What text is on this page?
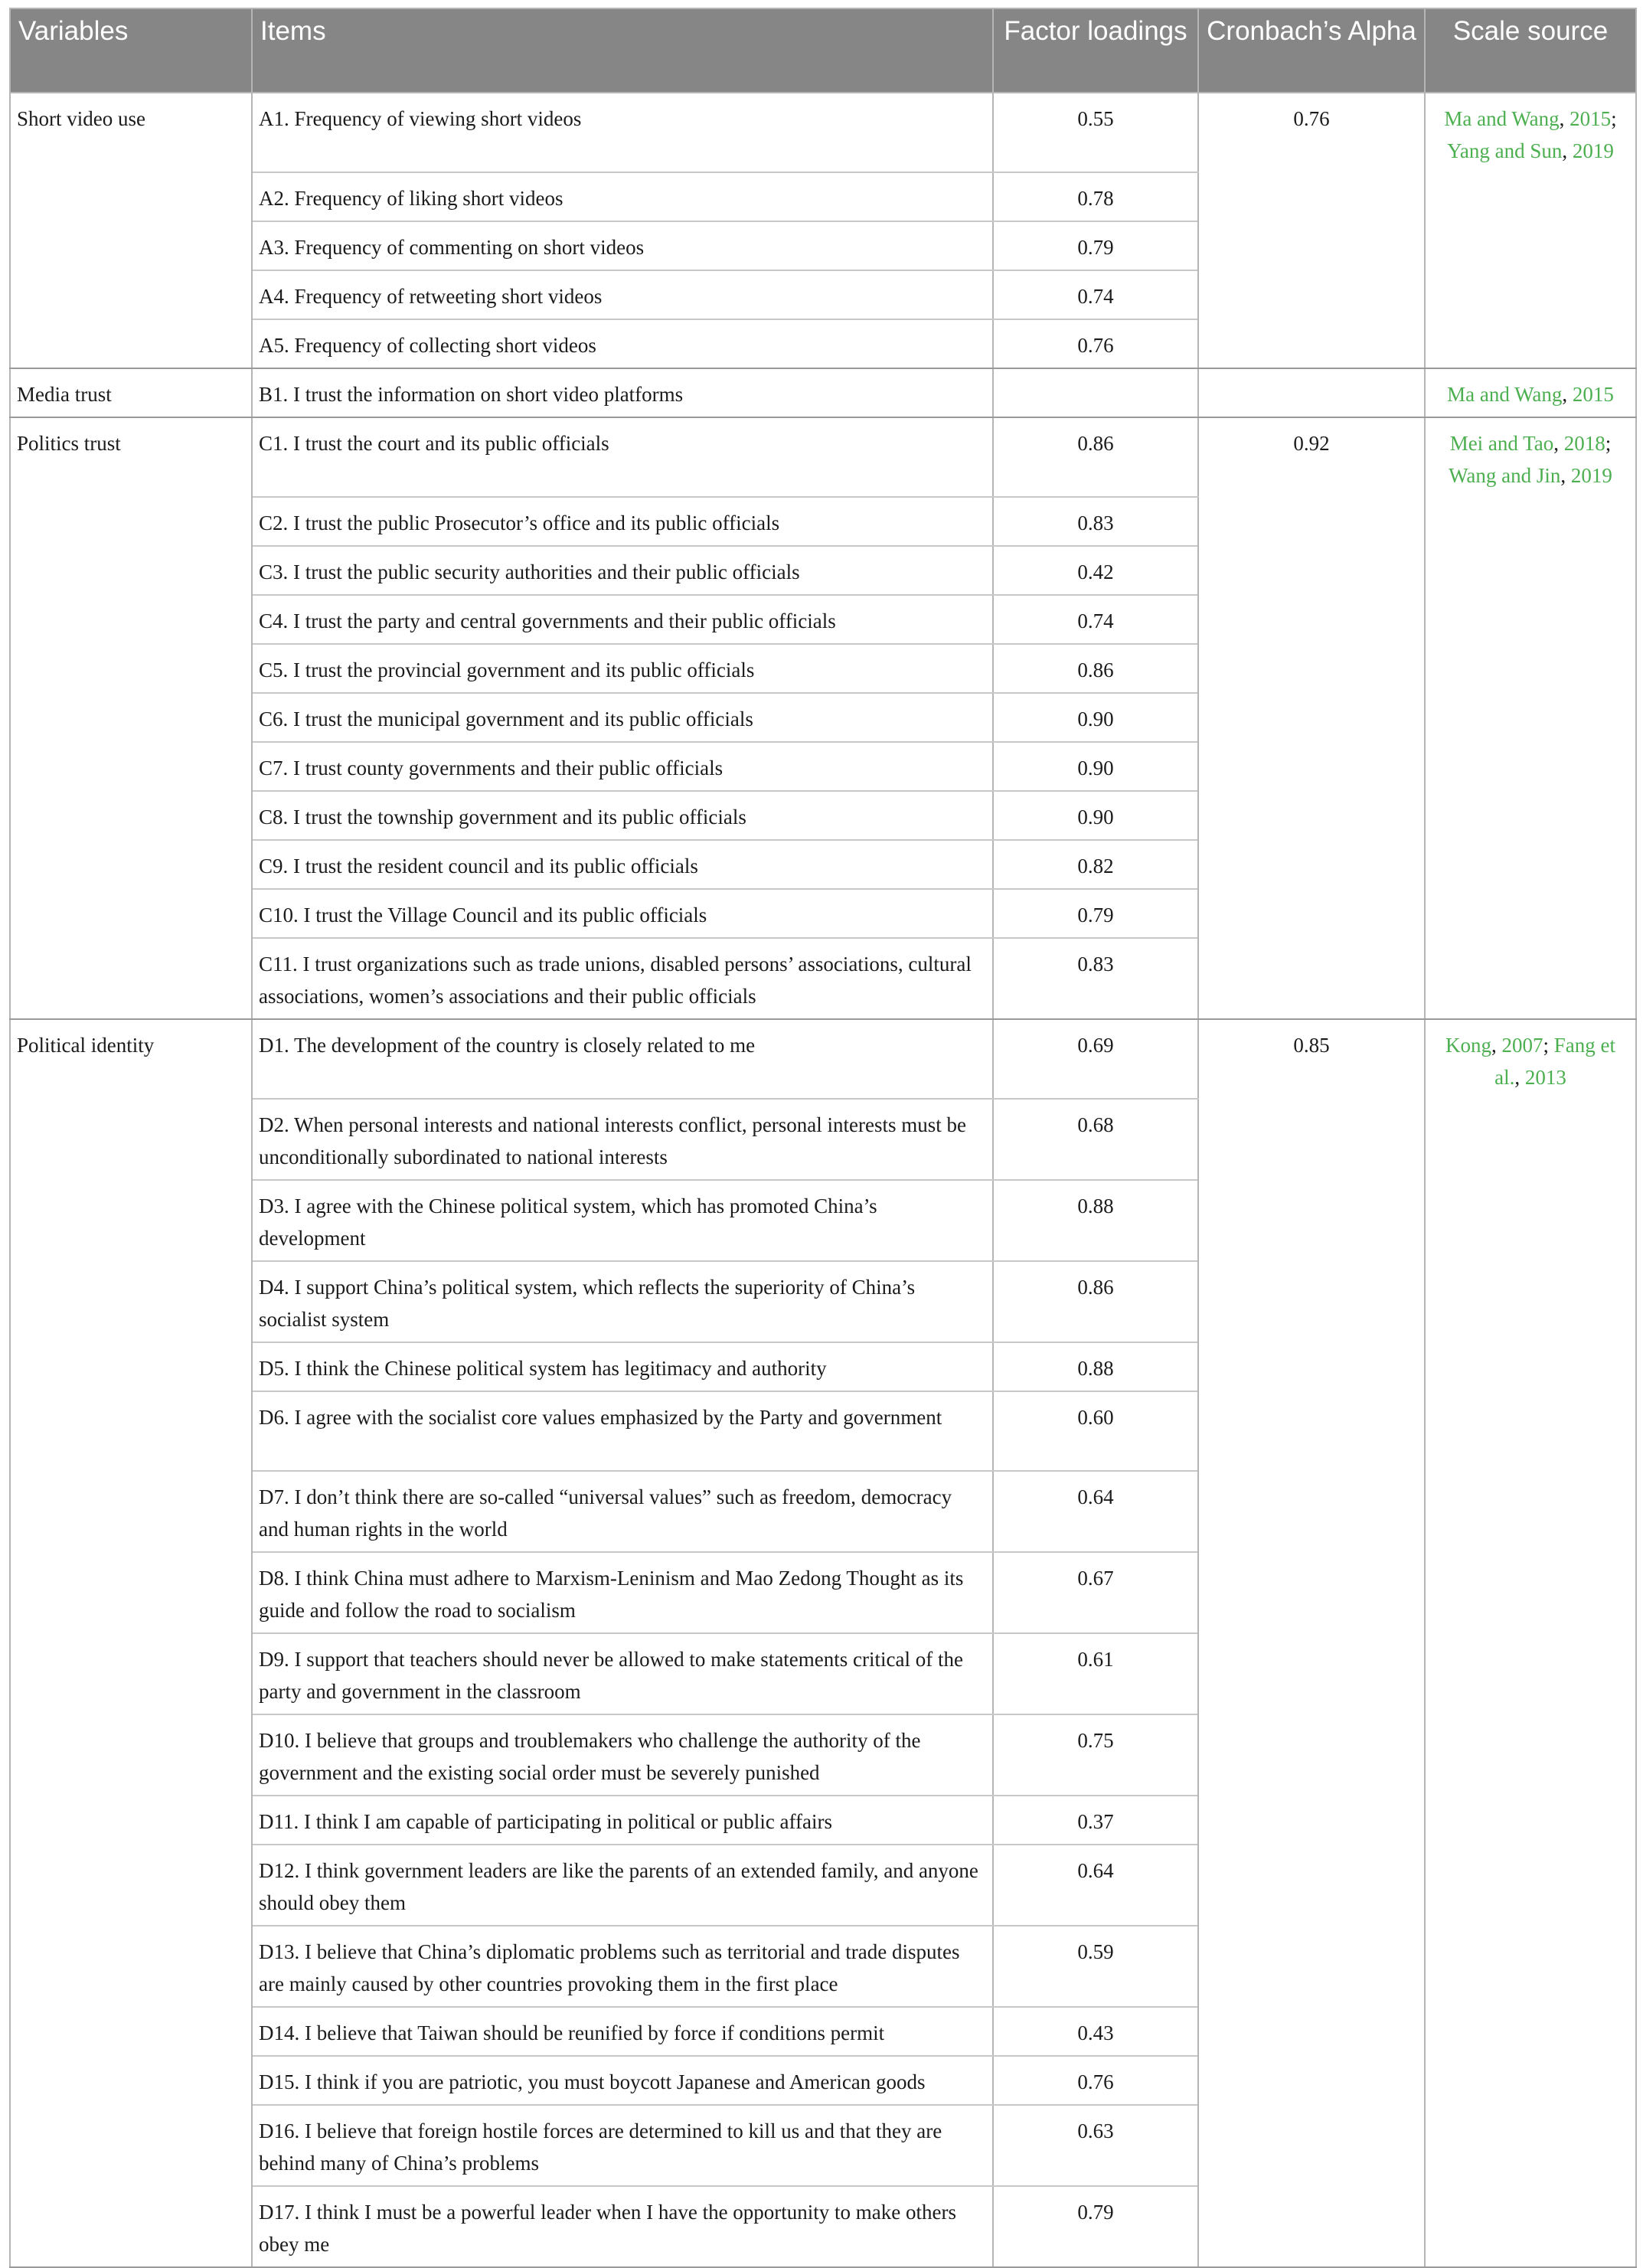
Variables	Items	Factor loadings	Cronbach’s Alpha	Scale source
Short video use	A1. Frequency of viewing short videos	0.55	0.76	Ma and Wang, 2015; Yang and Sun, 2019
	A2. Frequency of liking short videos	0.78		
	A3. Frequency of commenting on short videos	0.79		
	A4. Frequency of retweeting short videos	0.74		
	A5. Frequency of collecting short videos	0.76		
Media trust	B1. I trust the information on short video platforms			Ma and Wang, 2015
Politics trust	C1. I trust the court and its public officials	0.86	0.92	Mei and Tao, 2018; Wang and Jin, 2019
	C2. I trust the public Prosecutor’s office and its public officials	0.83		
	C3. I trust the public security authorities and their public officials	0.42		
	C4. I trust the party and central governments and their public officials	0.74		
	C5. I trust the provincial government and its public officials	0.86		
	C6. I trust the municipal government and its public officials	0.90		
	C7. I trust county governments and their public officials	0.90		
	C8. I trust the township government and its public officials	0.90		
	C9. I trust the resident council and its public officials	0.82		
	C10. I trust the Village Council and its public officials	0.79		
	C11. I trust organizations such as trade unions, disabled persons’ associations, cultural associations, women’s associations and their public officials	0.83		
Political identity	D1. The development of the country is closely related to me	0.69	0.85	Kong, 2007; Fang et al., 2013
	D2. When personal interests and national interests conflict, personal interests must be unconditionally subordinated to national interests	0.68		
	D3. I agree with the Chinese political system, which has promoted China’s development	0.88		
	D4. I support China’s political system, which reflects the superiority of China’s socialist system	0.86		
	D5. I think the Chinese political system has legitimacy and authority	0.88		
	D6. I agree with the socialist core values emphasized by the Party and government	0.60		
	D7. I don’t think there are so-called “universal values” such as freedom, democracy and human rights in the world	0.64		
	D8. I think China must adhere to Marxism-Leninism and Mao Zedong Thought as its guide and follow the road to socialism	0.67		
	D9. I support that teachers should never be allowed to make statements critical of the party and government in the classroom	0.61		
	D10. I believe that groups and troublemakers who challenge the authority of the government and the existing social order must be severely punished	0.75		
	D11. I think I am capable of participating in political or public affairs	0.37		
	D12. I think government leaders are like the parents of an extended family, and anyone should obey them	0.64		
	D13. I believe that China’s diplomatic problems such as territorial and trade disputes are mainly caused by other countries provoking them in the first place	0.59		
	D14. I believe that Taiwan should be reunified by force if conditions permit	0.43		
	D15. I think if you are patriotic, you must boycott Japanese and American goods	0.76		
	D16. I believe that foreign hostile forces are determined to kill us and that they are behind many of China’s problems	0.63		
	D17. I think I must be a powerful leader when I have the opportunity to make others obey me	0.79		
